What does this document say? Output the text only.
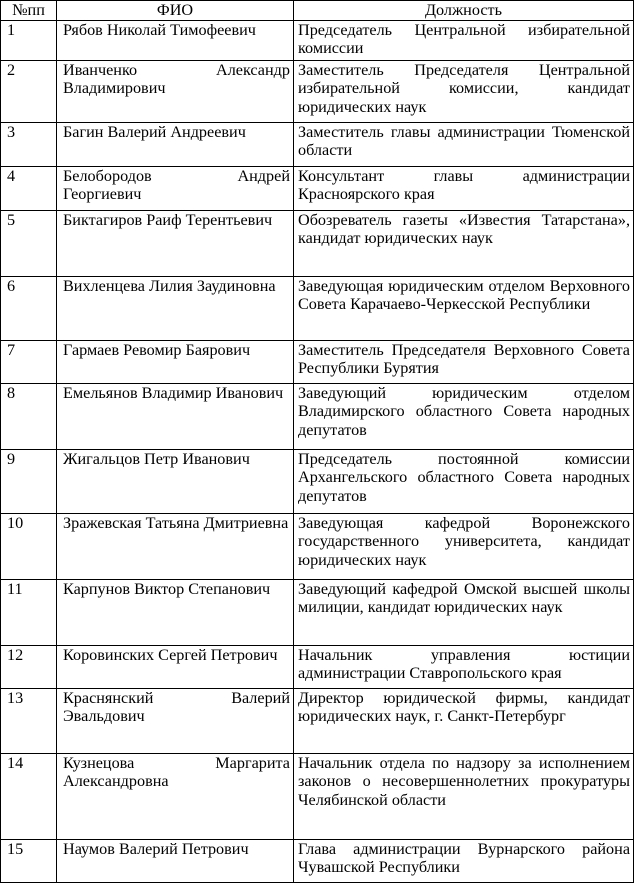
№пп	ФИО	Должность
1	Рябов Николай Тимофеевич	Председатель Центральной избирательной комиссии
2	Иванченко Александр Владимирович	Заместитель Председателя Центральной избирательной комиссии, кандидат юридических наук
3	Багин Валерий Андреевич	Заместитель главы администрации Тюменской области
4	Белобородов Андрей Георгиевич	Консультант главы администрации Красноярского края
5	Биктагиров Раиф Терентьевич	Обозреватель газеты «Известия Татарстана», кандидат юридических наук
6	Вихленцева Лилия Заудиновна	Заведующая юридическим отделом Верховного Совета Карачаево-Черкесской Республики
7	Гармаев Ревомир Баярович	Заместитель Председателя Верховного Совета Республики Бурятия
8	Емельянов Владимир Иванович	Заведующий юридическим отделом Владимирского областного Совета народных депутатов
9	Жигальцов Петр Иванович	Председатель постоянной комиссии Архангельского областного Совета народных депутатов
10	Зражевская Татьяна Дмитриевна	Заведующая кафедрой Воронежского государственного университета, кандидат юридических наук
11	Карпунов Виктор Степанович	Заведующий кафедрой Омской высшей школы милиции, кандидат юридических наук
12	Коровинских Сергей Петрович	Начальник управления юстиции администрации Ставропольского края
13	Краснянский Валерий Эвальдович	Директор юридической фирмы, кандидат юридических наук, г. Санкт-Петербург
14	Кузнецова Маргарита Александровна	Начальник отдела по надзору за исполнением законов о несовершеннолетних прокуратуры Челябинской области
15	Наумов Валерий Петрович	Глава администрации Вурнарского района Чувашской Республики
